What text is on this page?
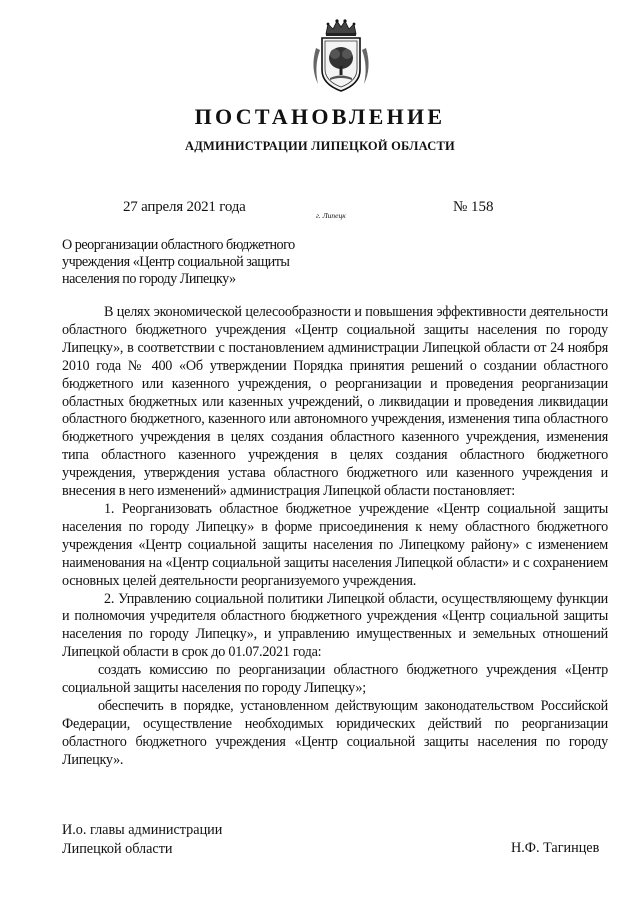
ПОСТАНОВЛЕНИЕ
АДМИНИСТРАЦИИ ЛИПЕЦКОЙ ОБЛАСТИ
27 апреля 2021 года
г. Липецк
№ 158
О реорганизации областного бюджетного
учреждения «Центр социальной защиты
населения по городу Липецку»

В целях экономической целесообразности и повышения эффективности деятельности областного бюджетного учреждения «Центр социальной защиты населения по городу Липецку», в соответствии с постановлением администрации Липецкой области от 24 ноября 2010 года № 400 «Об утверждении Порядка принятия решений о создании областного бюджетного или казенного учреждения, о реорганизации и проведения реорганизации областных бюджетных или казенных учреждений, о ликвидации и проведения ликвидации областного бюджетного, казенного или автономного учреждения, изменения типа областного бюджетного учреждения в целях создания областного казенного учреждения, изменения типа областного казенного учреждения в целях создания областного бюджетного учреждения, утверждения устава областного бюджетного или казенного учреждения и внесения в него изменений» администрация Липецкой области постановляет:

1. Реорганизовать областное бюджетное учреждение «Центр социальной защиты населения по городу Липецку» в форме присоединения к нему областного бюджетного учреждения «Центр социальной защиты населения по Липецкому району» с изменением наименования на «Центр социальной защиты населения Липецкой области» и с сохранением основных целей деятельности реорганизуемого учреждения.

2. Управлению социальной политики Липецкой области, осуществляющему функции и полномочия учредителя областного бюджетного учреждения «Центр социальной защиты населения по городу Липецку», и управлению имущественных и земельных отношений Липецкой области в срок до 01.07.2021 года:

создать комиссию по реорганизации областного бюджетного учреждения «Центр социальной защиты населения по городу Липецку»;

обеспечить в порядке, установленном действующим законодательством Российской Федерации, осуществление необходимых юридических действий по реорганизации областного бюджетного учреждения «Центр социальной защиты населения по городу Липецку».

И.о. главы администрации
Липецкой области	Н.Ф. Тагинцев
